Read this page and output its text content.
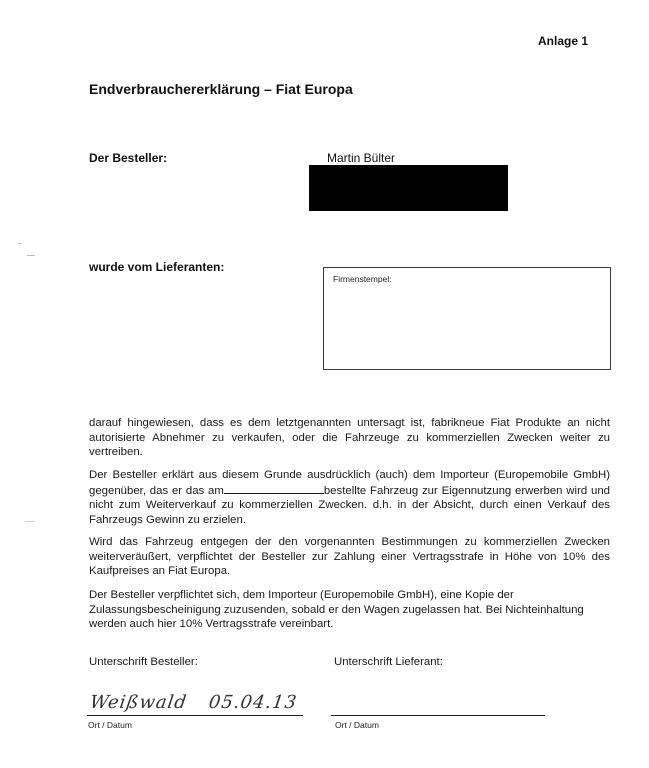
Anlage 1
Endverbrauchererklärung – Fiat Europa
Der Besteller:	Martin Bülter
wurde vom Lieferanten:
Firmenstempel:
darauf hingewiesen, dass es dem letztgenannten untersagt ist, fabrikneue Fiat Produkte an nicht autorisierte Abnehmer zu verkaufen, oder die Fahrzeuge zu kommerziellen Zwecken weiter zu vertreiben.
Der Besteller erklärt aus diesem Grunde ausdrücklich (auch) dem Importeur (Europemobile GmbH) gegenüber, das er das am	bestellte Fahrzeug zur Eigennutzung erwerben wird und nicht zum Weiterverkauf zu kommerziellen Zwecken. d.h. in der Absicht, durch einen Verkauf des Fahrzeugs Gewinn zu erzielen.
Wird das Fahrzeug entgegen der den vorgenannten Bestimmungen zu kommerziellen Zwecken weiterveräußert, verpflichtet der Besteller zur Zahlung einer Vertragsstrafe in Höhe von 10% des Kaufpreises an Fiat Europa.
Der Besteller verpflichtet sich, dem Importeur (Europemobile GmbH), eine Kopie der Zulassungsbescheinigung zuzusenden, sobald er den Wagen zugelassen hat. Bei Nichteinhaltung werden auch hier 10% Vertragsstrafe vereinbart.
Unterschrift Besteller:	Unterschrift Lieferant:
Weißwald 05.04.13
Ort / Datum	Ort / Datum
